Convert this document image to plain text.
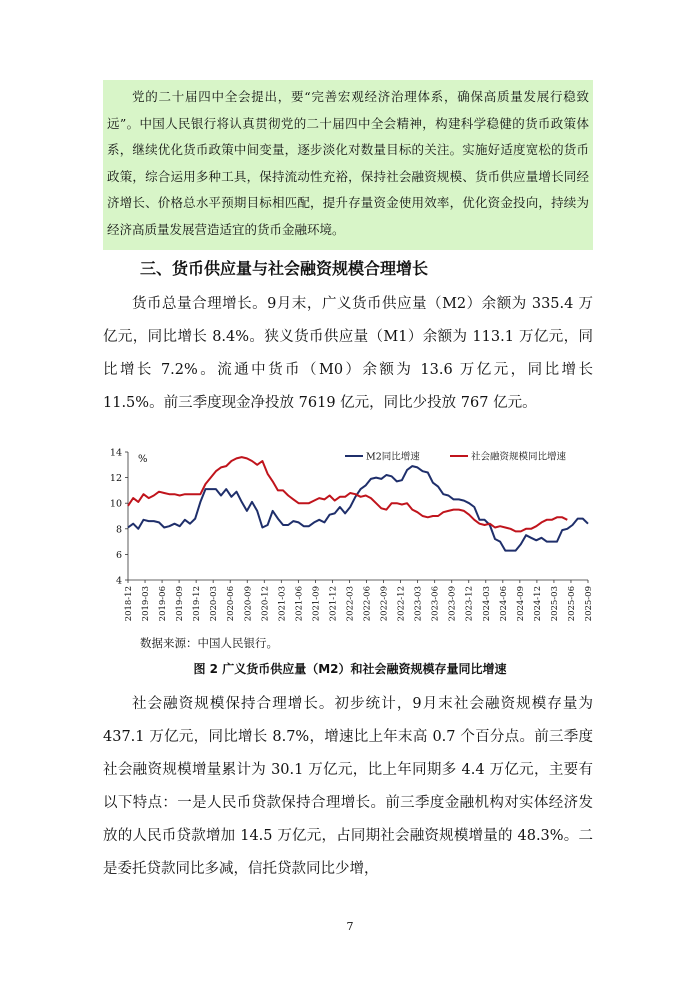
党的二十届四中全会提出，要“完善宏观经济治理体系，确保高质量发展行稳致远”。中国人民银行将认真贯彻党的二十届四中全会精神，构建科学稳健的货币政策体系，继续优化货币政策中间变量，逐步淡化对数量目标的关注。实施好适度宽松的货币政策，综合运用多种工具，保持流动性充裕，保持社会融资规模、货币供应量增长同经济增长、价格总水平预期目标相匹配，提升存量资金使用效率，优化资金投向，持续为经济高质量发展营造适宜的货币金融环境。

三、货币供应量与社会融资规模合理增长

货币总量合理增长。9月末，广义货币供应量（M2）余额为 335.4 万亿元，同比增长 8.4%。狭义货币供应量（M1）余额为 113.1 万亿元，同比增长 7.2%。流通中货币（M0）余额为 13.6 万亿元，同比增长 11.5%。前三季度现金净投放 7619 亿元，同比少投放 767 亿元。

4
6
8
10
12
14
%
2018-12 2019-03 2019-06 2019-09 2019-12 2020-03 2020-06 2020-09 2020-12 2021-03 2021-06 2021-09 2021-12 2022-03 2022-06 2022-09 2022-12 2023-03 2023-06 2023-09 2023-12 2024-03 2024-06 2024-09 2024-12 2025-03 2025-06 2025-09
M2同比增速	社会融资规模同比增速
数据来源：中国人民银行。
图 2 广义货币供应量（M2）和社会融资规模存量同比增速

社会融资规模保持合理增长。初步统计，9月末社会融资规模存量为 437.1 万亿元，同比增长 8.7%，增速比上年末高 0.7 个百分点。前三季度社会融资规模增量累计为 30.1 万亿元，比上年同期多 4.4 万亿元，主要有以下特点：一是人民币贷款保持合理增长。前三季度金融机构对实体经济发放的人民币贷款增加 14.5 万亿元，占同期社会融资规模增量的 48.3%。二是委托贷款同比多减，信托贷款同比少增，

7
